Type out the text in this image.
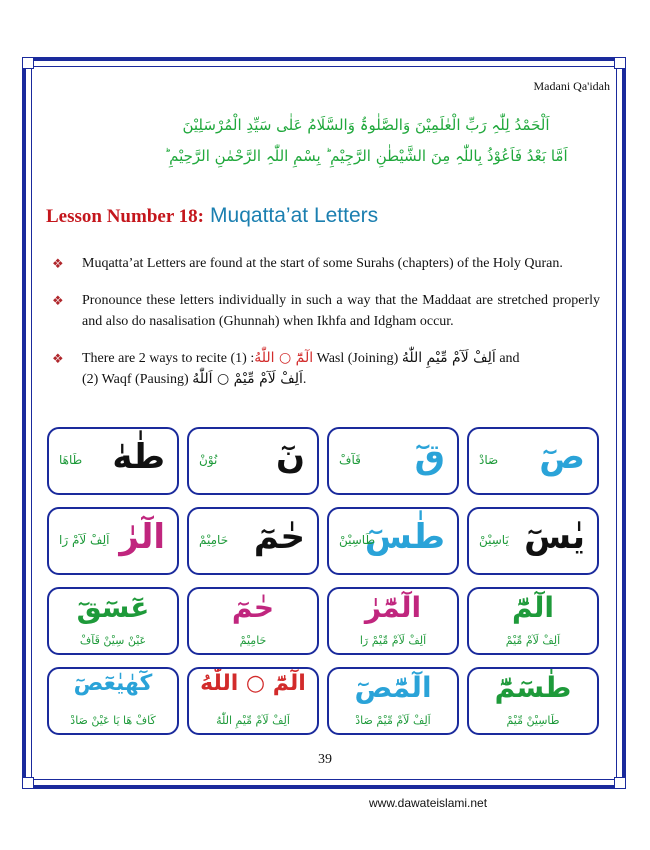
Madani Qa'idah
اَلْحَمْدُ لِلّٰہِ رَبِّ الْعٰلَمِیْنَ وَالصَّلٰوۃُ وَالسَّلَامُ عَلٰی سَیِّدِ الْمُرْسَلِیْنَ
اَمَّا بَعْدُ فَاَعُوْذُ بِاللّٰہِ مِنَ الشَّیْطٰنِ الرَّجِیْمِ ؕ بِسْمِ اللّٰہِ الرَّحْمٰنِ الرَّحِیْمِ ؕ
Lesson Number 18: Muqatta’at Letters
❖ Muqatta’at Letters are found at the start of some Surahs (chapters) of the Holy Quran.
❖ Pronounce these letters individually in such a way that the Maddaat are stretched properly and also do nasalisation (Ghunnah) when Ikhfa and Idgham occur.
❖ There are 2 ways to recite الٓمّٓ ○ اللّٰهُ: (1) Wasl (Joining) اَلِفْ لَآمْ مِّيْمِ اللّٰهُ and
(2) Waqf (Pausing) اَلِفْ لَآمْ مِّيْمْ ○ اَللّٰهُ.
صٓ
صَادْ
قٓ
قَآفْ
نٓ
نُوْنْ
طٰهٰ
طَاهَا
يٰسٓ
يَاسِيْنْ
طٰسٓ
طَاسِيْنْ
حٰمٓ
حَامِيْمْ
الٓرٰ
اَلِفْ لَآمْ رَا
الٓمّٓ
اَلِفْ لَآمْ مِّيْمْ
الٓمّٓرٰ
اَلِفْ لَآمْ مِّيْمْ رَا
حٰمٓ
حَامِيْمْ
عٓسٓقٓ
عَيْنْ سِيْنْ قَآفْ
طٰسٓمّٓ
طَاسِيْنْ مِّيْمْ
الٓمّٓصٓ
اَلِفْ لَآمْ مِّيْمْ صَادْ
الٓمّٓ ○ اللّٰهُ
اَلِفْ لَآمْ مِّيْمِ اللّٰهُ
كٓهٰيٰعٓصٓ
كَافْ هَا يَا عَيْنْ صَادْ
39
www.dawateislami.net
